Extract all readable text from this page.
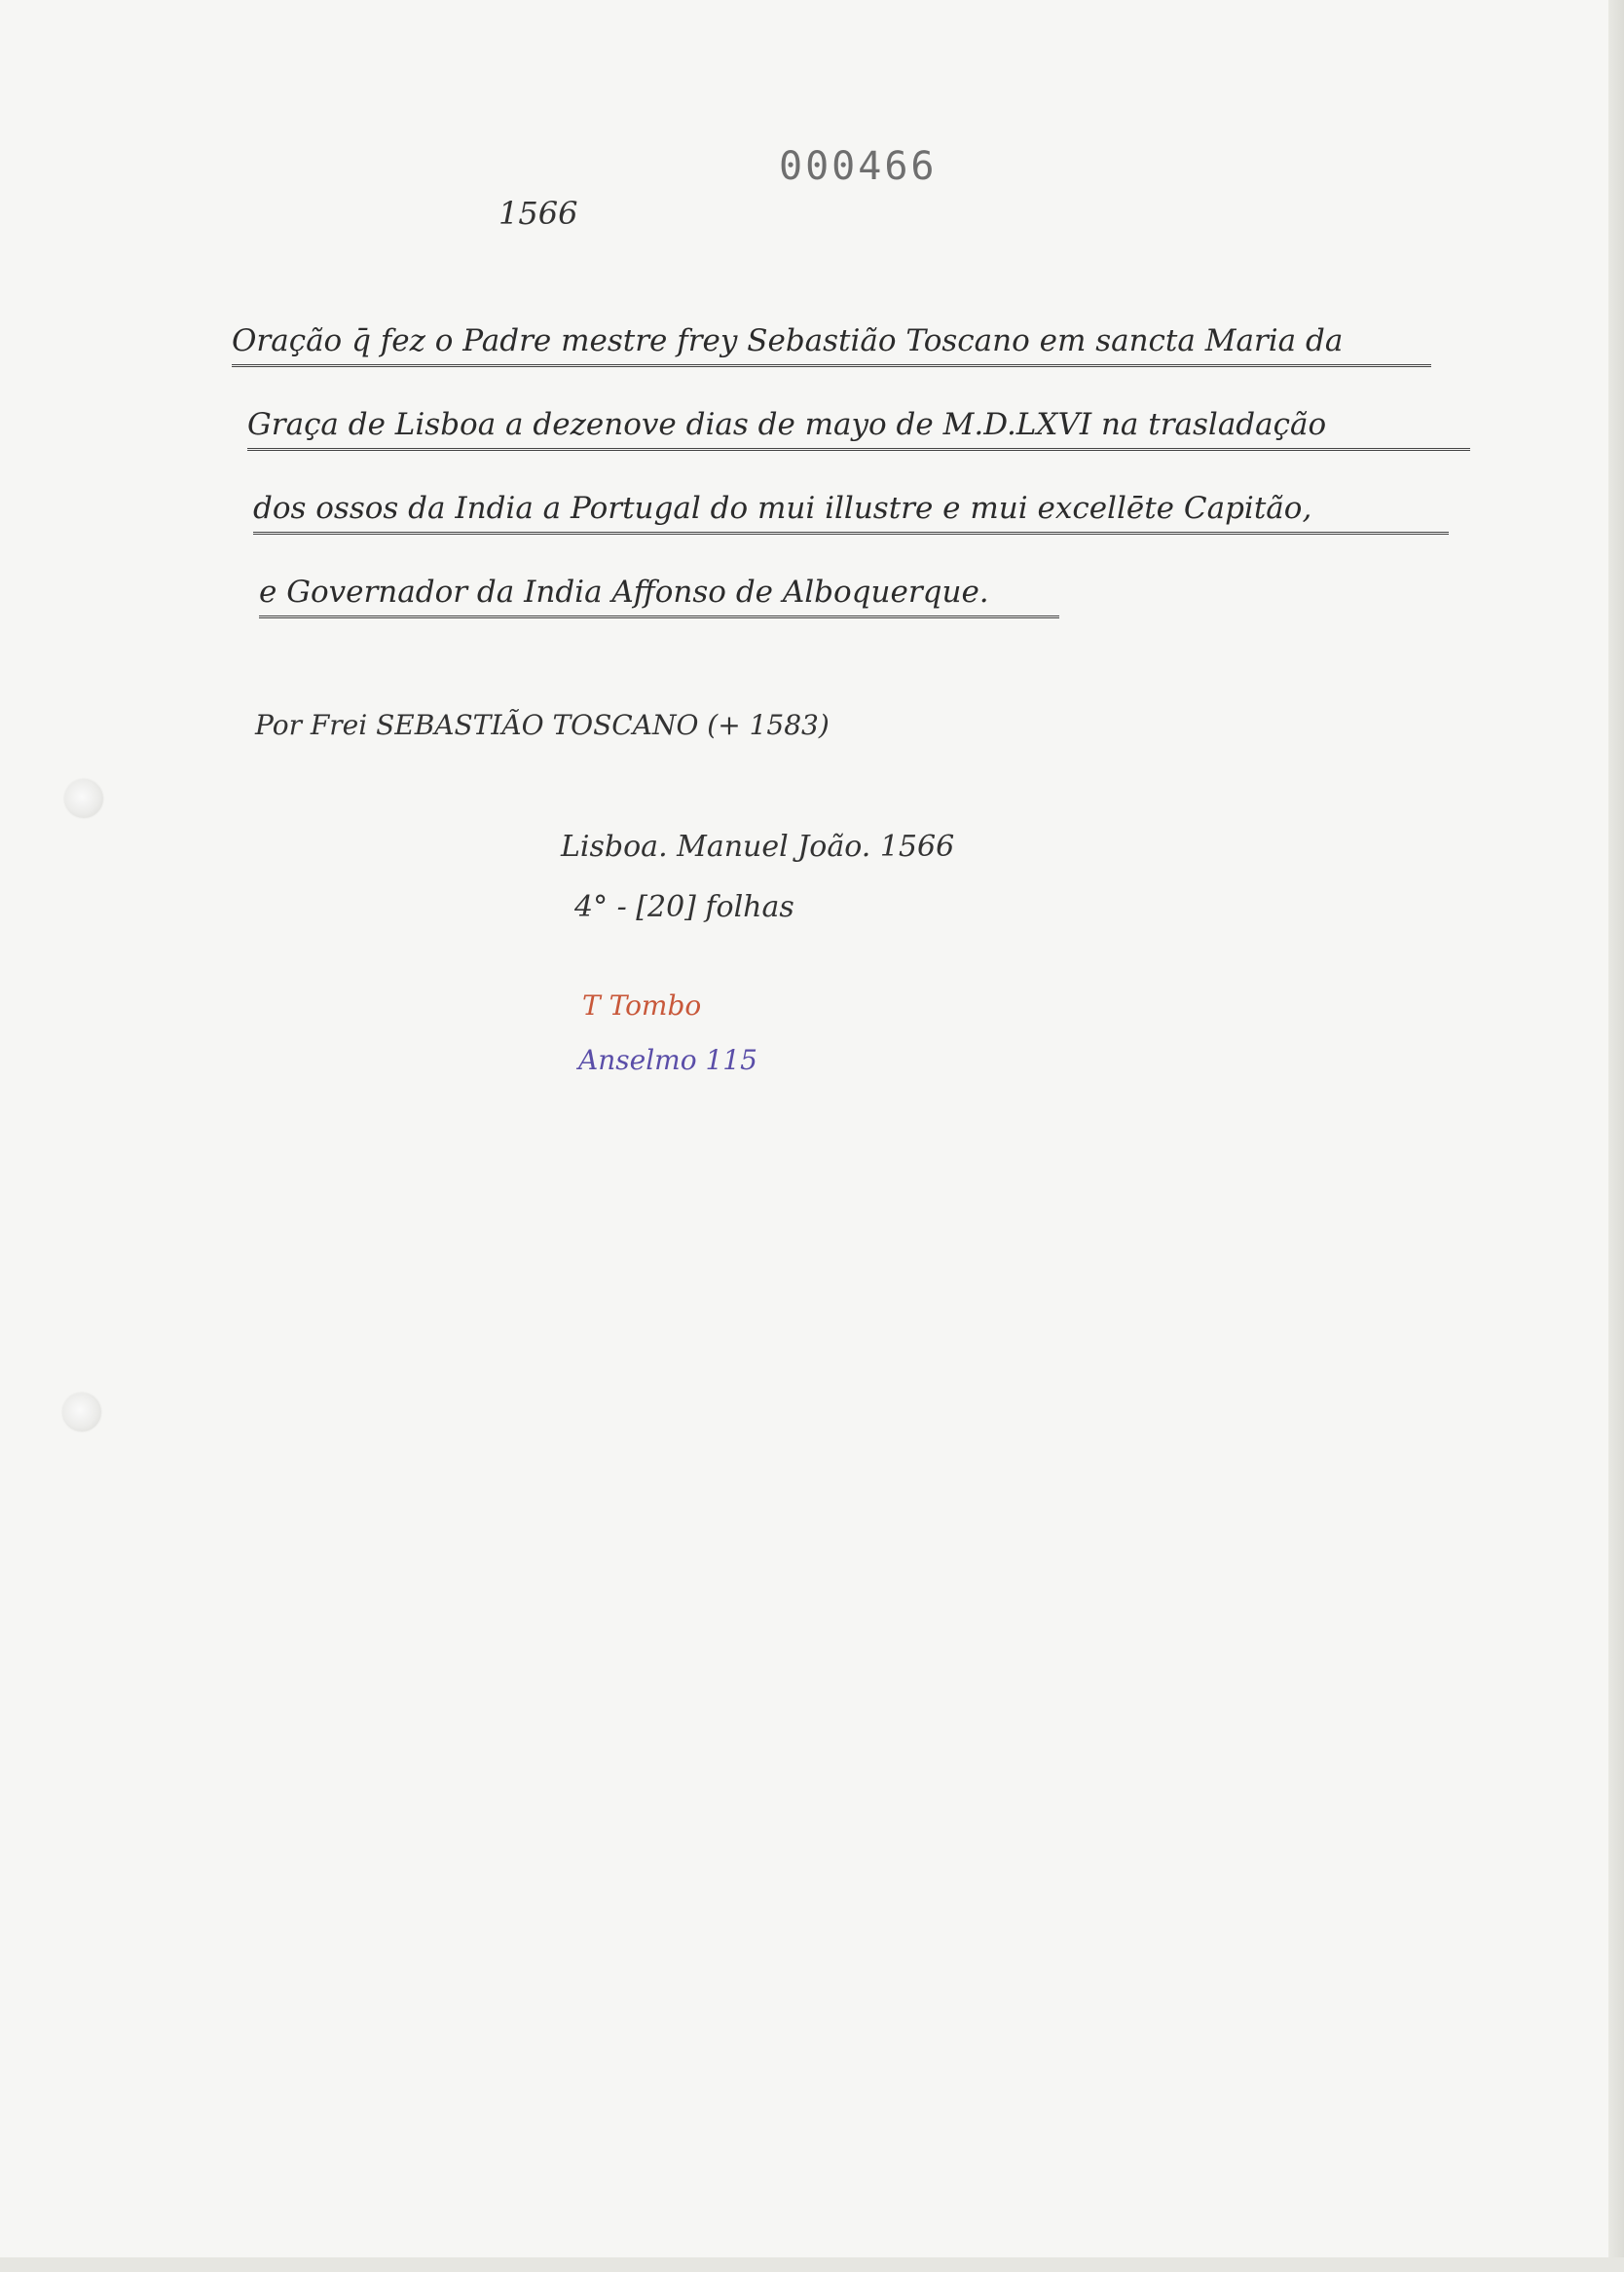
000466
1566
Oração q̄ fez o Padre mestre frey Sebastião Toscano em sancta Maria da
Graça de Lisboa a dezenove dias de mayo de M.D.LXVI na trasladação
dos ossos da India a Portugal do mui illustre e mui excellēte Capitão,
e Governador da India Affonso de Alboquerque.
Por Frei SEBASTIÃO TOSCANO (+ 1583)
Lisboa. Manuel João. 1566
4° - [20] folhas
T Tombo
Anselmo 115
